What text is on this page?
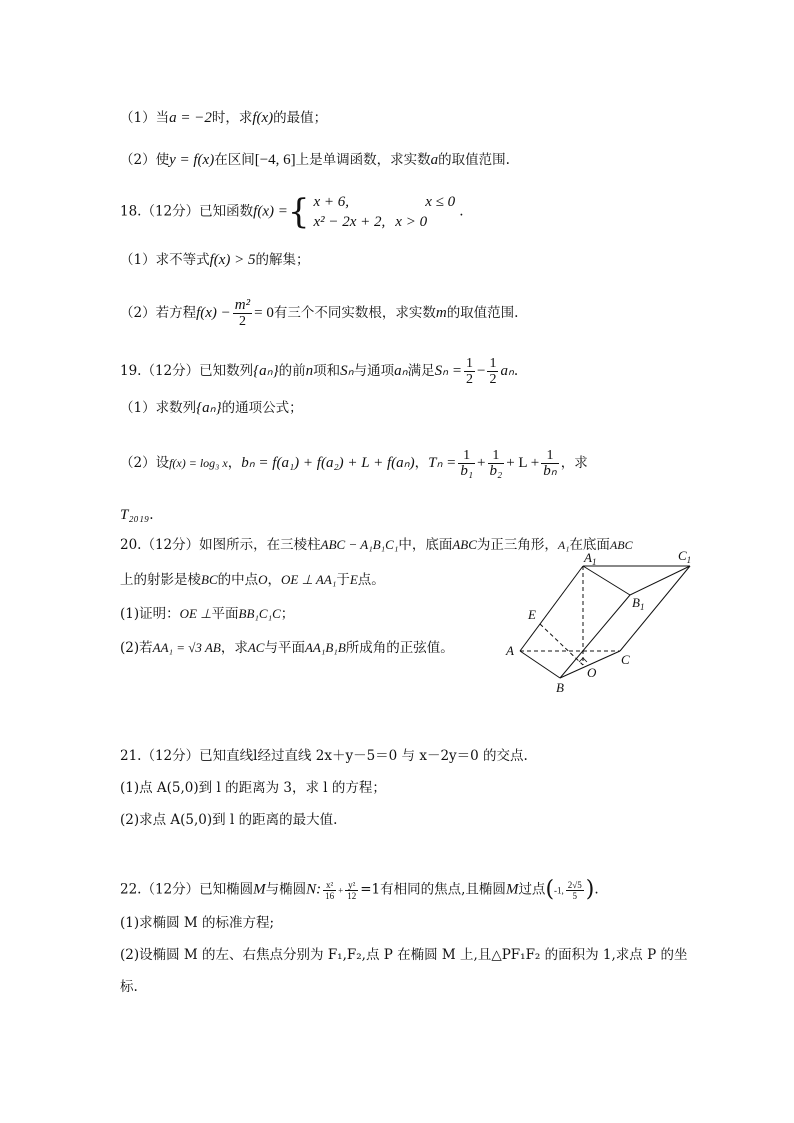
（1）当a = −2时，求f(x)的最值；
（2）使y = f(x)在区间[−4, 6]上是单调函数，求实数a的取值范围.
18.（12分）已知函数f(x) ={ x + 6,	x ≤ 0
x² − 2x + 2,	x > 0.
（1）求不等式f(x) > 5的解集；
（2）若方程$f(x) - \frac{\text{m²}}{2} = 0$有三个不同实数根，求实数m的取值范围.
19.（12分）已知数列{aₙ}的前n项和Sₙ与通项aₙ满足$S_n = \frac{1}{2} - \frac{1}{2} a_n$.
（1）求数列{aₙ}的通项公式；
（2）设f(x) = log₃ x，bₙ = f(a₁) + f(a₂) + L + f(aₙ)，$T_n = \frac{1}{\text{b₁}} + \frac{1}{\text{b₂}} + L + \frac{1}{\text{bₙ}}$ ，求
T₂₀₁₉.
20.（12分）如图所示，在三棱柱ABC − A₁B₁C₁中，底面ABC为正三角形，A₁在底面ABC
上的射影是棱BC的中点O，OE ⊥ AA₁于E点。
(1)证明：OE ⊥平面BB₁C₁C；
(2)若AA₁ = √3 AB，求AC与平面AA₁B₁B所成角的正弦值。
$A_1$	$C_1$
$B_1$
E
A
C
O
B
21.（12分）已知直线l经过直线 2x＋y－5＝0 与 x－2y＝0 的交点.
(1)点 A(5,0)到 l 的距离为 3，求 l 的方程；
(2)求点 A(5,0)到 l 的距离的最大值.
22.（12分）已知椭圆M与椭圆N: $\frac{\text{x²}}{16} + \frac{\text{y²}}{12} =1$有相同的焦点,且椭圆M过点(-1, $\frac{2√5}{5}$ ).
(1)求椭圆 M 的标准方程;
(2)设椭圆 M 的左、右焦点分别为 F₁,F₂,点 P 在椭圆 M 上,且△PF₁F₂ 的面积为 1,求点 P 的坐
标.
